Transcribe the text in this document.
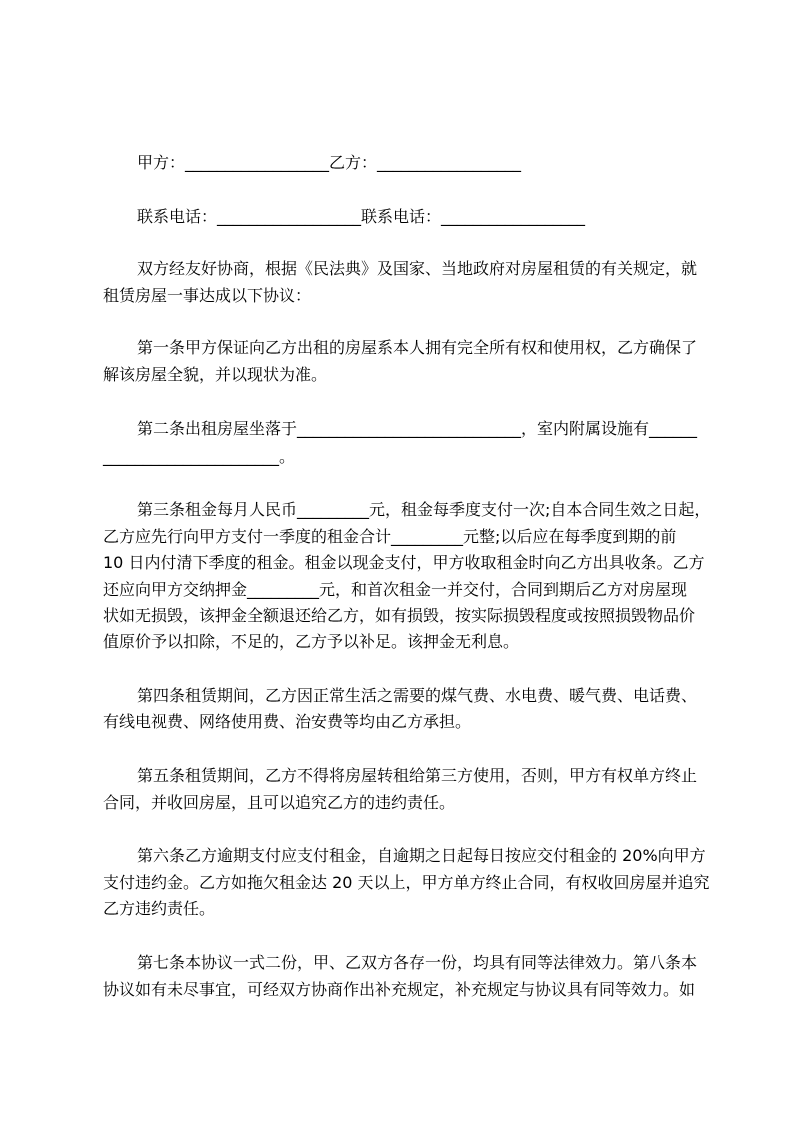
甲方：__________________乙方：__________________

联系电话：__________________联系电话：__________________

双方经友好协商，根据《民法典》及国家、当地政府对房屋租赁的有关规定，就

租赁房屋一事达成以下协议：

第一条甲方保证向乙方出租的房屋系本人拥有完全所有权和使用权，乙方确保了

解该房屋全貌，并以现状为准。

第二条出租房屋坐落于____________________________，室内附属设施有______

______________________。

第三条租金每月人民币_________元，租金每季度支付一次;自本合同生效之日起，

乙方应先行向甲方支付一季度的租金合计_________元整;以后应在每季度到期的前

10 日内付清下季度的租金。租金以现金支付，甲方收取租金时向乙方出具收条。乙方

还应向甲方交纳押金_________元，和首次租金一并交付，合同到期后乙方对房屋现

状如无损毁，该押金全额退还给乙方，如有损毁，按实际损毁程度或按照损毁物品价

值原价予以扣除，不足的，乙方予以补足。该押金无利息。

第四条租赁期间，乙方因正常生活之需要的煤气费、水电费、暖气费、电话费、

有线电视费、网络使用费、治安费等均由乙方承担。

第五条租赁期间，乙方不得将房屋转租给第三方使用，否则，甲方有权单方终止

合同，并收回房屋，且可以追究乙方的违约责任。

第六条乙方逾期支付应支付租金，自逾期之日起每日按应交付租金的 20%向甲方

支付违约金。乙方如拖欠租金达 20 天以上，甲方单方终止合同，有权收回房屋并追究

乙方违约责任。

第七条本协议一式二份，甲、乙双方各存一份，均具有同等法律效力。第八条本

协议如有未尽事宜，可经双方协商作出补充规定，补充规定与协议具有同等效力。如
